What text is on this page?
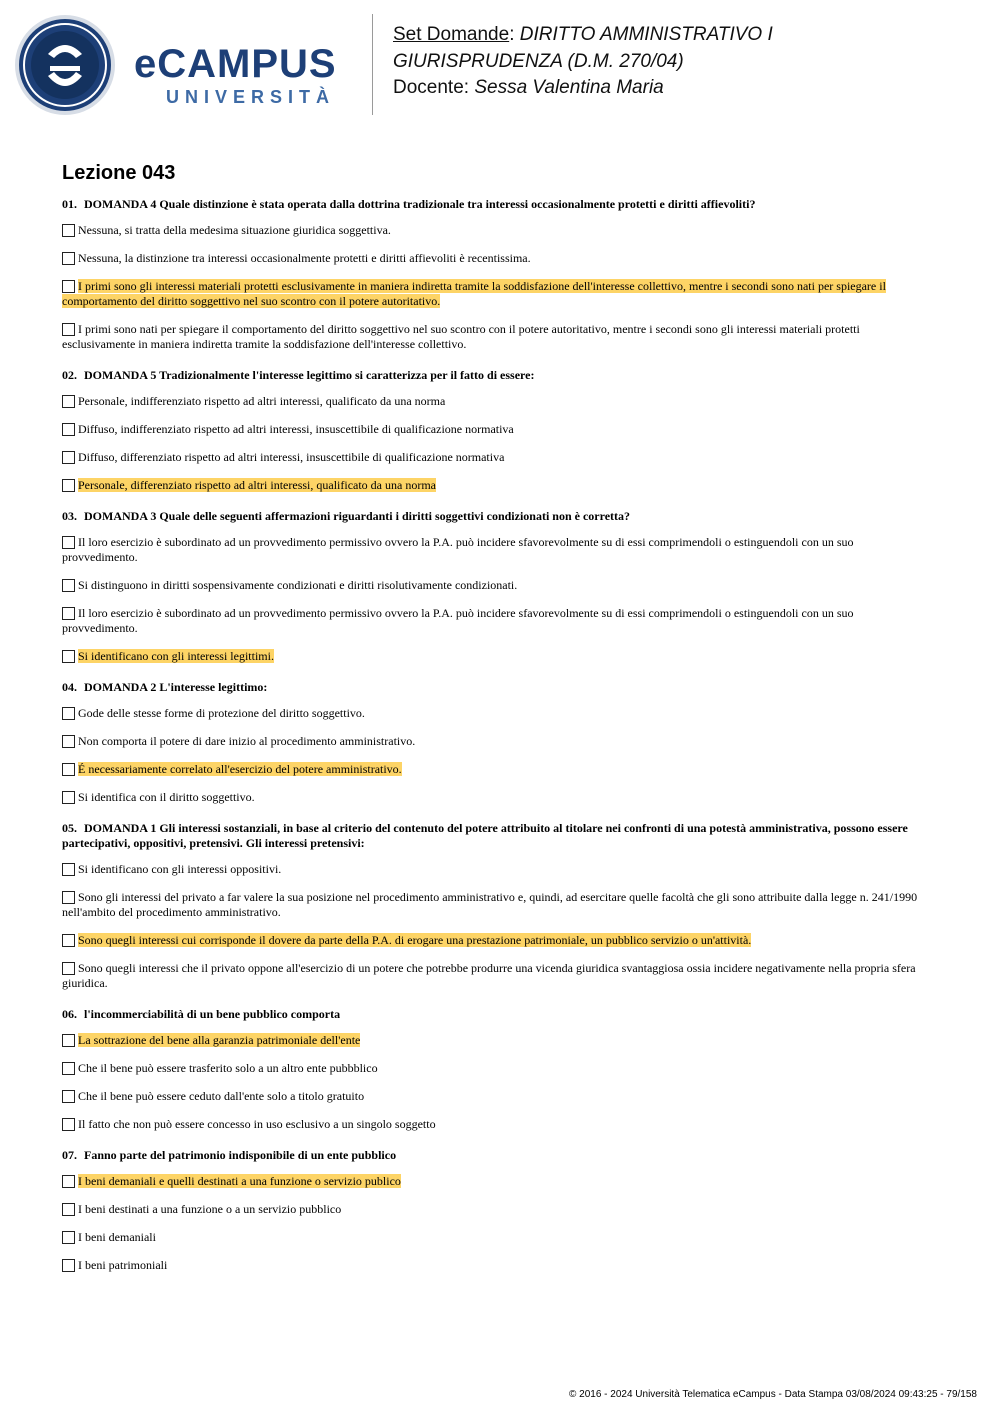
eCAMPUS
UNIVERSITÀ
Set Domande: DIRITTO AMMINISTRATIVO I
GIURISPRUDENZA (D.M. 270/04)
Docente: Sessa Valentina Maria
Lezione 043
01. DOMANDA 4 Quale distinzione è stata operata dalla dottrina tradizionale tra interessi occasionalmente protetti e diritti affievoliti?
Nessuna, si tratta della medesima situazione giuridica soggettiva.
Nessuna, la distinzione tra interessi occasionalmente protetti e diritti affievoliti è recentissima.
I primi sono gli interessi materiali protetti esclusivamente in maniera indiretta tramite la soddisfazione dell'interesse collettivo, mentre i secondi sono nati per spiegare il comportamento del diritto soggettivo nel suo scontro con il potere autoritativo.
I primi sono nati per spiegare il comportamento del diritto soggettivo nel suo scontro con il potere autoritativo, mentre i secondi sono gli interessi materiali protetti esclusivamente in maniera indiretta tramite la soddisfazione dell'interesse collettivo.
02. DOMANDA 5 Tradizionalmente l'interesse legittimo si caratterizza per il fatto di essere:
Personale, indifferenziato rispetto ad altri interessi, qualificato da una norma
Diffuso, indifferenziato rispetto ad altri interessi, insuscettibile di qualificazione normativa
Diffuso, differenziato rispetto ad altri interessi, insuscettibile di qualificazione normativa
Personale, differenziato rispetto ad altri interessi, qualificato da una norma
03. DOMANDA 3 Quale delle seguenti affermazioni riguardanti i diritti soggettivi condizionati non è corretta?
Il loro esercizio è subordinato ad un provvedimento permissivo ovvero la P.A. può incidere sfavorevolmente su di essi comprimendoli o estinguendoli con un suo provvedimento.
Si distinguono in diritti sospensivamente condizionati e diritti risolutivamente condizionati.
Il loro esercizio è subordinato ad un provvedimento permissivo ovvero la P.A. può incidere sfavorevolmente su di essi comprimendoli o estinguendoli con un suo provvedimento.
Si identificano con gli interessi legittimi.
04. DOMANDA 2 L'interesse legittimo:
Gode delle stesse forme di protezione del diritto soggettivo.
Non comporta il potere di dare inizio al procedimento amministrativo.
É necessariamente correlato all'esercizio del potere amministrativo.
Si identifica con il diritto soggettivo.
05. DOMANDA 1 Gli interessi sostanziali, in base al criterio del contenuto del potere attribuito al titolare nei confronti di una potestà amministrativa, possono essere partecipativi, oppositivi, pretensivi. Gli interessi pretensivi:
Si identificano con gli interessi oppositivi.
Sono gli interessi del privato a far valere la sua posizione nel procedimento amministrativo e, quindi, ad esercitare quelle facoltà che gli sono attribuite dalla legge n. 241/1990 nell'ambito del procedimento amministrativo.
Sono quegli interessi cui corrisponde il dovere da parte della P.A. di erogare una prestazione patrimoniale, un pubblico servizio o un'attività.
Sono quegli interessi che il privato oppone all'esercizio di un potere che potrebbe produrre una vicenda giuridica svantaggiosa ossia incidere negativamente nella propria sfera giuridica.
06. l'incommerciabilità di un bene pubblico comporta
La sottrazione del bene alla garanzia patrimoniale dell'ente
Che il bene può essere trasferito solo a un altro ente pubbblico
Che il bene può essere ceduto dall'ente solo a titolo gratuito
Il fatto che non può essere concesso in uso esclusivo a un singolo soggetto
07. Fanno parte del patrimonio indisponibile di un ente pubblico
I beni demaniali e quelli destinati a una funzione o servizio publico
I beni destinati a una funzione o a un servizio pubblico
I beni demaniali
I beni patrimoniali
© 2016 - 2024 Università Telematica eCampus - Data Stampa 03/08/2024 09:43:25 - 79/158
